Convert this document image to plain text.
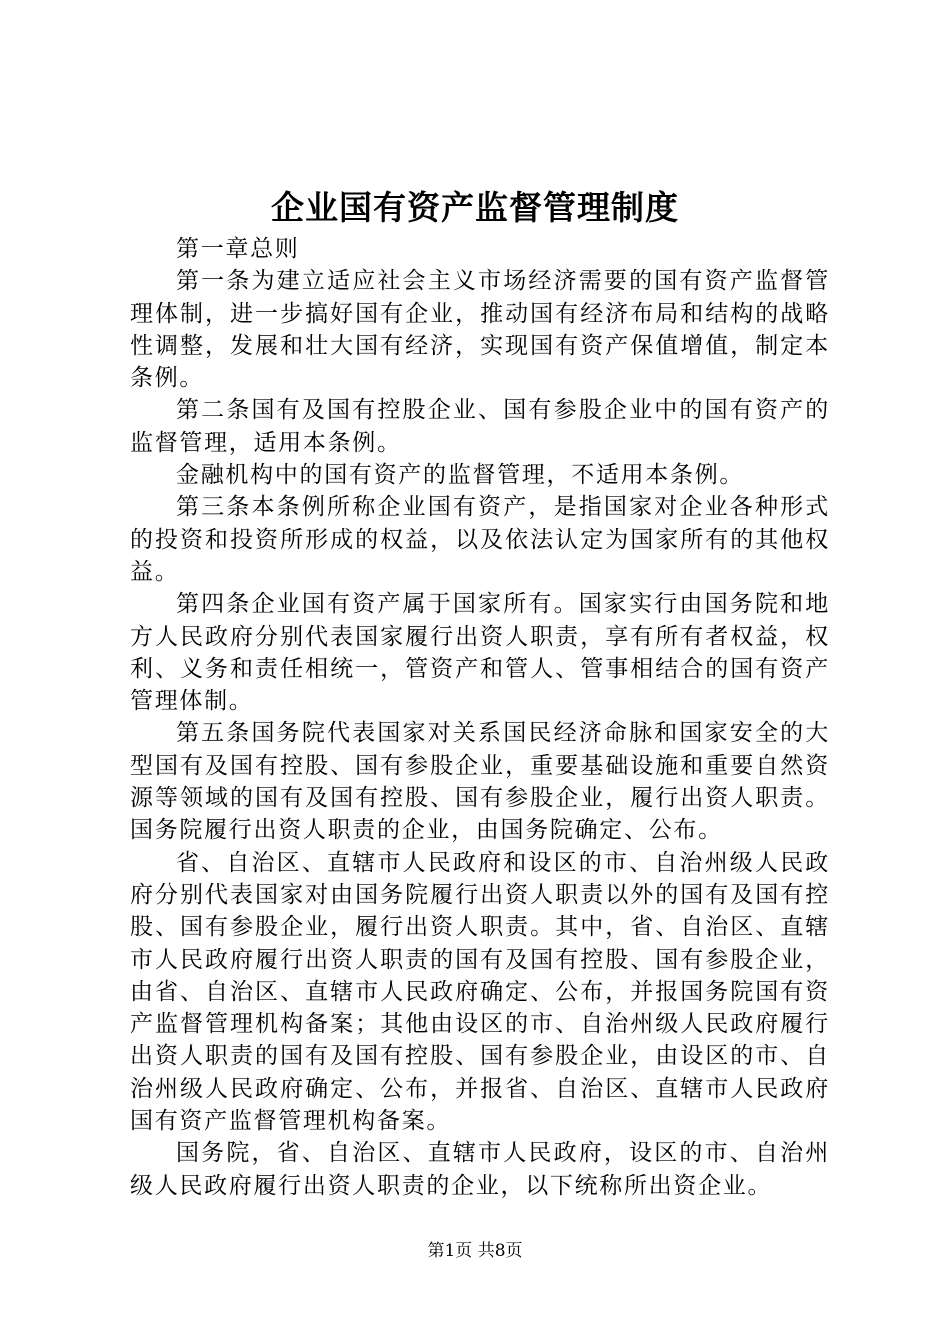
企业国有资产监督管理制度

第一章总则

第一条为建立适应社会主义市场经济需要的国有资产监督管理体制，进一步搞好国有企业，推动国有经济布局和结构的战略性调整，发展和壮大国有经济，实现国有资产保值增值，制定本条例。

第二条国有及国有控股企业、国有参股企业中的国有资产的监督管理，适用本条例。

金融机构中的国有资产的监督管理，不适用本条例。

第三条本条例所称企业国有资产，是指国家对企业各种形式的投资和投资所形成的权益，以及依法认定为国家所有的其他权益。

第四条企业国有资产属于国家所有。国家实行由国务院和地方人民政府分别代表国家履行出资人职责，享有所有者权益，权利、义务和责任相统一，管资产和管人、管事相结合的国有资产管理体制。

第五条国务院代表国家对关系国民经济命脉和国家安全的大型国有及国有控股、国有参股企业，重要基础设施和重要自然资源等领域的国有及国有控股、国有参股企业，履行出资人职责。国务院履行出资人职责的企业，由国务院确定、公布。

省、自治区、直辖市人民政府和设区的市、自治州级人民政府分别代表国家对由国务院履行出资人职责以外的国有及国有控股、国有参股企业，履行出资人职责。其中，省、自治区、直辖市人民政府履行出资人职责的国有及国有控股、国有参股企业，由省、自治区、直辖市人民政府确定、公布，并报国务院国有资产监督管理机构备案；其他由设区的市、自治州级人民政府履行出资人职责的国有及国有控股、国有参股企业，由设区的市、自治州级人民政府确定、公布，并报省、自治区、直辖市人民政府国有资产监督管理机构备案。

国务院，省、自治区、直辖市人民政府，设区的市、自治州级人民政府履行出资人职责的企业，以下统称所出资企业。

第1页 共8页
